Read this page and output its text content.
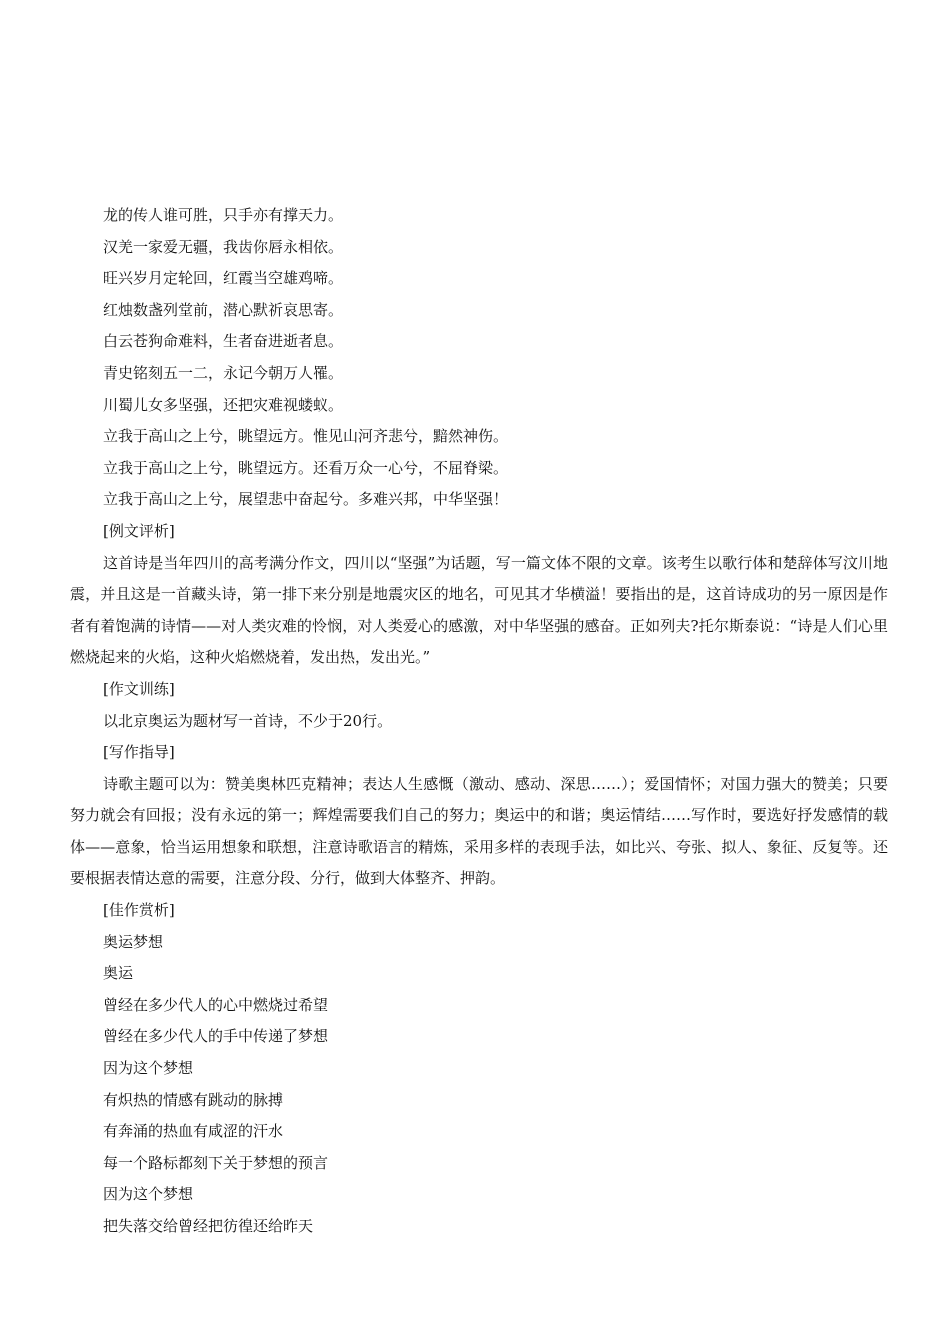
龙的传人谁可胜，只手亦有撑天力。
汉羌一家爱无疆，我齿你唇永相依。
旺兴岁月定轮回，红霞当空雄鸡啼。
红烛数盏列堂前，潜心默祈哀思寄。
白云苍狗命难料，生者奋进逝者息。
青史铭刻五一二，永记今朝万人罹。
川蜀儿女多坚强，还把灾难视蝼蚁。
立我于高山之上兮，眺望远方。惟见山河齐悲兮，黯然神伤。
立我于高山之上兮，眺望远方。还看万众一心兮，不屈脊梁。
立我于高山之上兮，展望悲中奋起兮。多难兴邦，中华坚强！
[例文评析]

这首诗是当年四川的高考满分作文，四川以“坚强”为话题，写一篇文体不限的文章。该考生以歌行体和楚辞体写汶川地震，并且这是一首藏头诗，第一排下来分别是地震灾区的地名，可见其才华横溢！要指出的是，这首诗成功的另一原因是作者有着饱满的诗情——对人类灾难的怜悯，对人类爱心的感激，对中华坚强的感奋。正如列夫?托尔斯泰说：“诗是人们心里燃烧起来的火焰，这种火焰燃烧着，发出热，发出光。”

[作文训练]
以北京奥运为题材写一首诗，不少于20行。
[写作指导]

诗歌主题可以为：赞美奥林匹克精神；表达人生感慨（激动、感动、深思……）；爱国情怀；对国力强大的赞美；只要努力就会有回报；没有永远的第一；辉煌需要我们自己的努力；奥运中的和谐；奥运情结……写作时，要选好抒发感情的载体——意象，恰当运用想象和联想，注意诗歌语言的精炼，采用多样的表现手法，如比兴、夸张、拟人、象征、反复等。还要根据表情达意的需要，注意分段、分行，做到大体整齐、押韵。

[佳作赏析]
奥运梦想
奥运
曾经在多少代人的心中燃烧过希望
曾经在多少代人的手中传递了梦想
因为这个梦想
有炽热的情感有跳动的脉搏
有奔涌的热血有咸涩的汗水
每一个路标都刻下关于梦想的预言
因为这个梦想
把失落交给曾经把彷徨还给昨天
